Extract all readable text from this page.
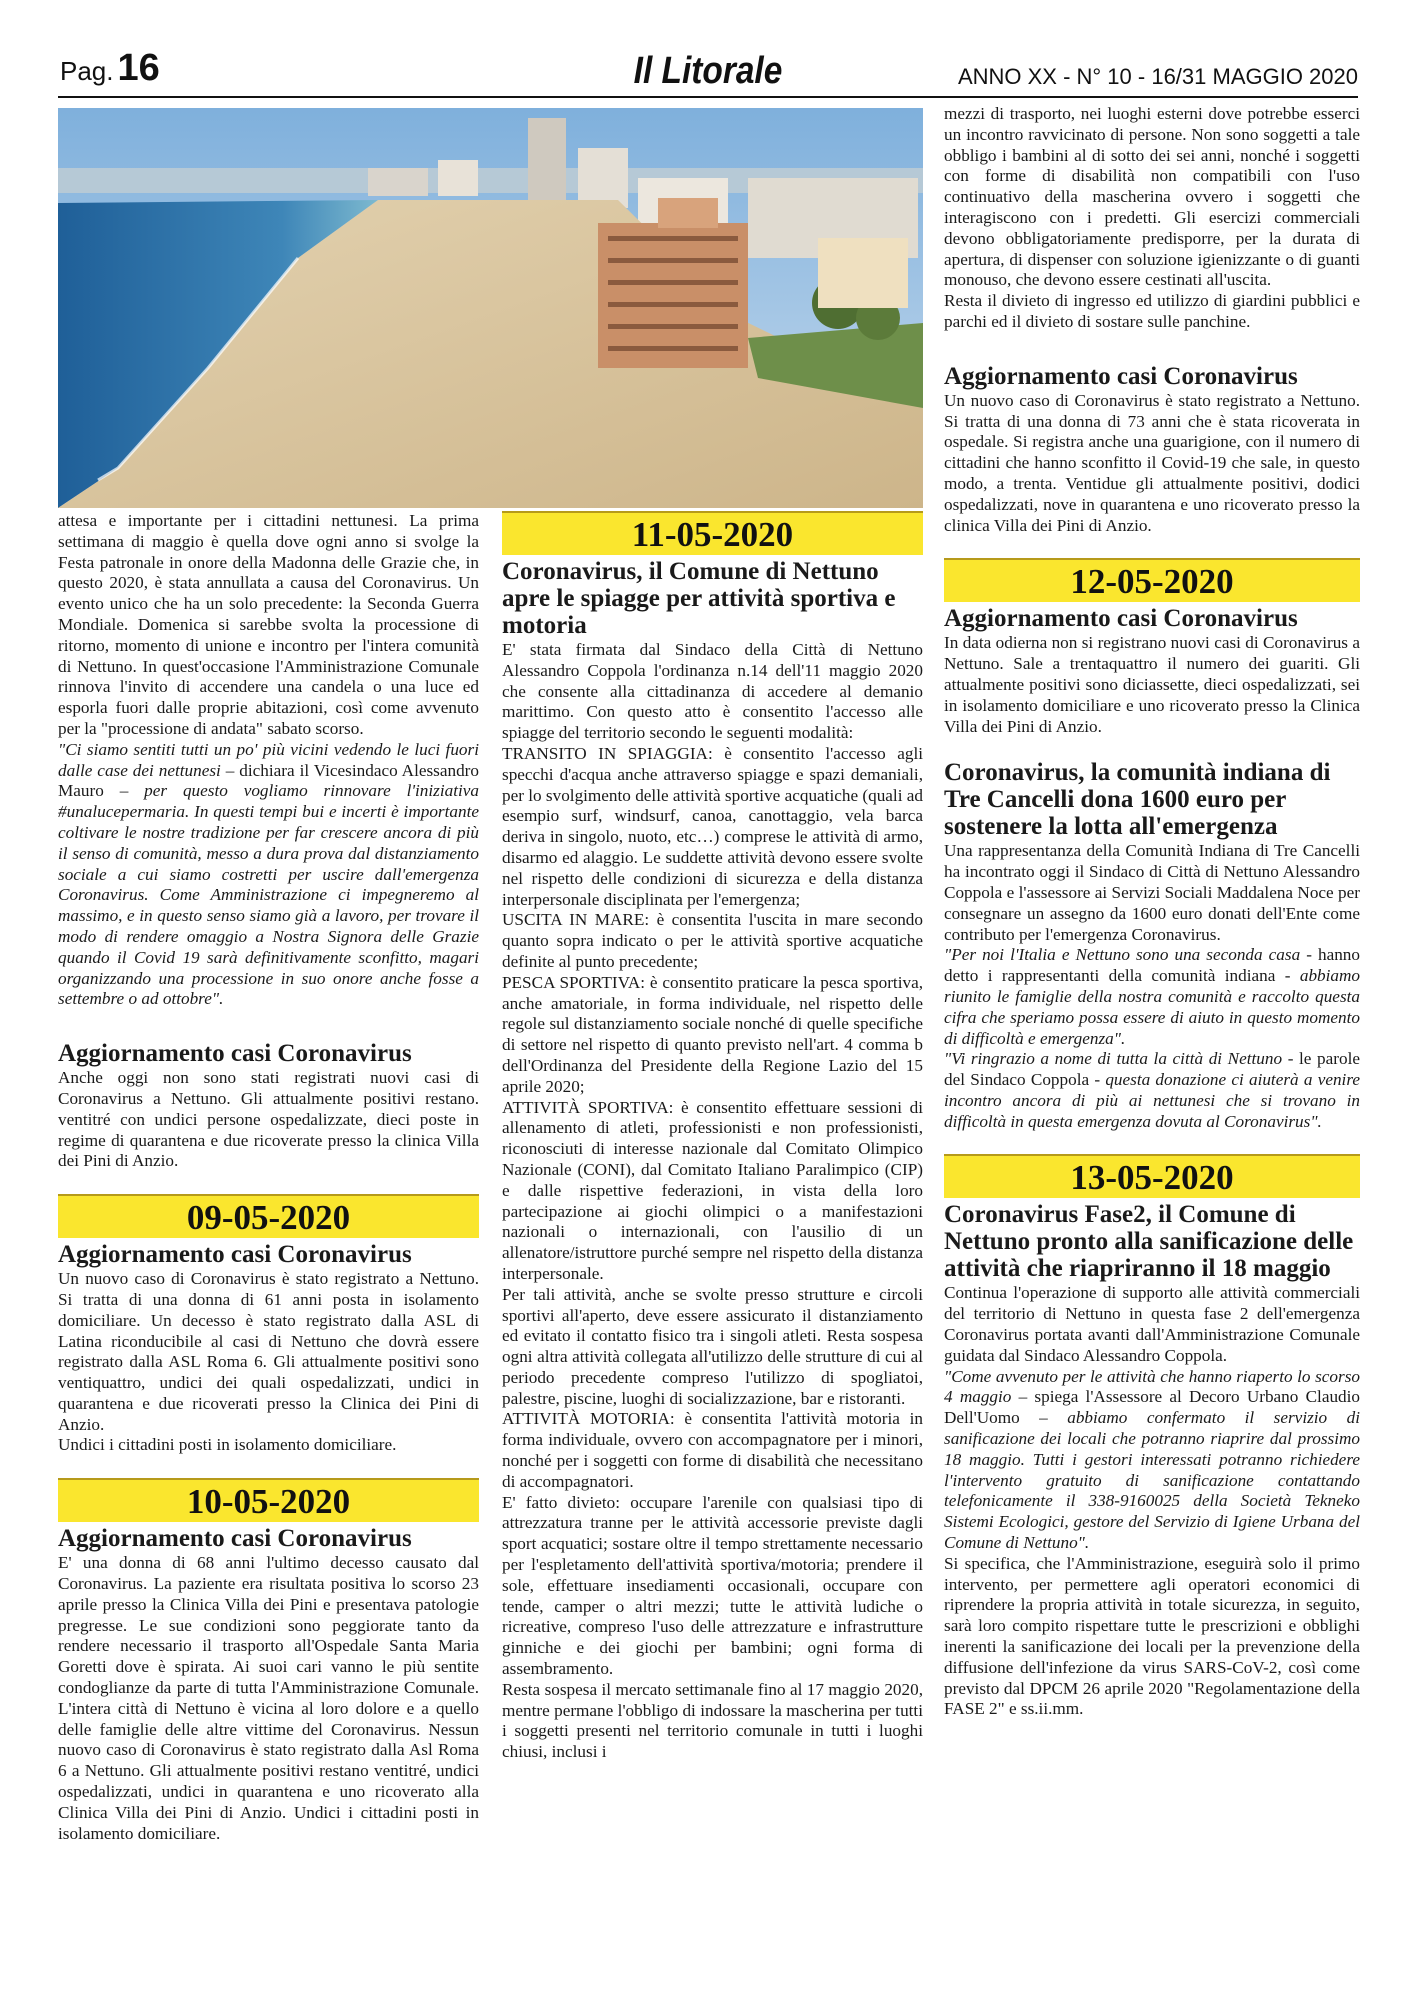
Pag. 16	Il Litorale	ANNO XX - N° 10 - 16/31 MAGGIO 2020

attesa e importante per i cittadini nettunesi. La prima settimana di maggio è quella dove ogni anno si svolge la Festa patronale in onore della Madonna delle Grazie che, in questo 2020, è stata annullata a causa del Coronavirus. Un evento unico che ha un solo precedente: la Seconda Guerra Mondiale. Domenica si sarebbe svolta la processione di ritorno, momento di unione e incontro per l'intera comunità di Nettuno. In quest'occasione l'Amministrazione Comunale rinnova l'invito di accendere una candela o una luce ed esporla fuori dalle proprie abitazioni, così come avvenuto per la "processione di andata" sabato scorso.

"Ci siamo sentiti tutti un po' più vicini vedendo le luci fuori dalle case dei nettunesi – dichiara il Vicesindaco Alessandro Mauro – per questo vogliamo rinnovare l'iniziativa #unalucepermaria. In questi tempi bui e incerti è importante coltivare le nostre tradizione per far crescere ancora di più il senso di comunità, messo a dura prova dal distanziamento sociale a cui siamo costretti per uscire dall'emergenza Coronavirus. Come Amministrazione ci impegneremo al massimo, e in questo senso siamo già a lavoro, per trovare il modo di rendere omaggio a Nostra Signora delle Grazie quando il Covid 19 sarà definitivamente sconfitto, magari organizzando una processione in suo onore anche fosse a settembre o ad ottobre".

Aggiornamento casi Coronavirus

Anche oggi non sono stati registrati nuovi casi di Coronavirus a Nettuno. Gli attualmente positivi restano. ventitré con undici persone ospedalizzate, dieci poste in regime di quarantena e due ricoverate presso la clinica Villa dei Pini di Anzio.

09-05-2020
Aggiornamento casi Coronavirus

Un nuovo caso di Coronavirus è stato registrato a Nettuno. Si tratta di una donna di 61 anni posta in isolamento domiciliare. Un decesso è stato registrato dalla ASL di Latina riconducibile al casi di Nettuno che dovrà essere registrato dalla ASL Roma 6. Gli attualmente positivi sono ventiquattro, undici dei quali ospedalizzati, undici in quarantena e due ricoverati presso la Clinica dei Pini di Anzio.

Undici i cittadini posti in isolamento domiciliare.

10-05-2020
Aggiornamento casi Coronavirus

E' una donna di 68 anni l'ultimo decesso causato dal Coronavirus. La paziente era risultata positiva lo scorso 23 aprile presso la Clinica Villa dei Pini e presentava patologie pregresse. Le sue condizioni sono peggiorate tanto da rendere necessario il trasporto all'Ospedale Santa Maria Goretti dove è spirata. Ai suoi cari vanno le più sentite condoglianze da parte di tutta l'Amministrazione Comunale. L'intera città di Nettuno è vicina al loro dolore e a quello delle famiglie delle altre vittime del Coronavirus. Nessun nuovo caso di Coronavirus è stato registrato dalla Asl Roma 6 a Nettuno. Gli attualmente positivi restano ventitré, undici ospedalizzati, undici in quarantena e uno ricoverato alla Clinica Villa dei Pini di Anzio. Undici i cittadini posti in isolamento domiciliare.

11-05-2020
Coronavirus, il Comune di Nettuno apre le spiagge per attività sportiva e motoria

E' stata firmata dal Sindaco della Città di Nettuno Alessandro Coppola l'ordinanza n.14 dell'11 maggio 2020 che consente alla cittadinanza di accedere al demanio marittimo. Con questo atto è consentito l'accesso alle spiagge del territorio secondo le seguenti modalità:

TRANSITO IN SPIAGGIA: è consentito l'accesso agli specchi d'acqua anche attraverso spiagge e spazi demaniali, per lo svolgimento delle attività sportive acquatiche (quali ad esempio surf, windsurf, canoa, canottaggio, vela barca deriva in singolo, nuoto, etc…) comprese le attività di armo, disarmo ed alaggio. Le suddette attività devono essere svolte nel rispetto delle condizioni di sicurezza e della distanza interpersonale disciplinata per l'emergenza;

USCITA IN MARE: è consentita l'uscita in mare secondo quanto sopra indicato o per le attività sportive acquatiche definite al punto precedente;

PESCA SPORTIVA: è consentito praticare la pesca sportiva, anche amatoriale, in forma individuale, nel rispetto delle regole sul distanziamento sociale nonché di quelle specifiche di settore nel rispetto di quanto previsto nell'art. 4 comma b dell'Ordinanza del Presidente della Regione Lazio del 15 aprile 2020;

ATTIVITÀ SPORTIVA: è consentito effettuare sessioni di allenamento di atleti, professionisti e non professionisti, riconosciuti di interesse nazionale dal Comitato Olimpico Nazionale (CONI), dal Comitato Italiano Paralimpico (CIP) e dalle rispettive federazioni, in vista della loro partecipazione ai giochi olimpici o a manifestazioni nazionali o internazionali, con l'ausilio di un allenatore/istruttore purché sempre nel rispetto della distanza interpersonale.

Per tali attività, anche se svolte presso strutture e circoli sportivi all'aperto, deve essere assicurato il distanziamento ed evitato il contatto fisico tra i singoli atleti. Resta sospesa ogni altra attività collegata all'utilizzo delle strutture di cui al periodo precedente compreso l'utilizzo di spogliatoi, palestre, piscine, luoghi di socializzazione, bar e ristoranti.

ATTIVITÀ MOTORIA: è consentita l'attività motoria in forma individuale, ovvero con accompagnatore per i minori, nonché per i soggetti con forme di disabilità che necessitano di accompagnatori.

E' fatto divieto: occupare l'arenile con qualsiasi tipo di attrezzatura tranne per le attività accessorie previste dagli sport acquatici; sostare oltre il tempo strettamente necessario per l'espletamento dell'attività sportiva/motoria; prendere il sole, effettuare insediamenti occasionali, occupare con tende, camper o altri mezzi; tutte le attività ludiche o ricreative, compreso l'uso delle attrezzature e infrastrutture ginniche e dei giochi per bambini; ogni forma di assembramento.

Resta sospesa il mercato settimanale fino al 17 maggio 2020, mentre permane l'obbligo di indossare la mascherina per tutti i soggetti presenti nel territorio comunale in tutti i luoghi chiusi, inclusi i

mezzi di trasporto, nei luoghi esterni dove potrebbe esserci un incontro ravvicinato di persone. Non sono soggetti a tale obbligo i bambini al di sotto dei sei anni, nonché i soggetti con forme di disabilità non compatibili con l'uso continuativo della mascherina ovvero i soggetti che interagiscono con i predetti. Gli esercizi commerciali devono obbligatoriamente predisporre, per la durata di apertura, di dispenser con soluzione igienizzante o di guanti monouso, che devono essere cestinati all'uscita.

Resta il divieto di ingresso ed utilizzo di giardini pubblici e parchi ed il divieto di sostare sulle panchine.

Aggiornamento casi Coronavirus

Un nuovo caso di Coronavirus è stato registrato a Nettuno. Si tratta di una donna di 73 anni che è stata ricoverata in ospedale. Si registra anche una guarigione, con il numero di cittadini che hanno sconfitto il Covid-19 che sale, in questo modo, a trenta. Ventidue gli attualmente positivi, dodici ospedalizzati, nove in quarantena e uno ricoverato presso la clinica Villa dei Pini di Anzio.

12-05-2020
Aggiornamento casi Coronavirus

In data odierna non si registrano nuovi casi di Coronavirus a Nettuno. Sale a trentaquattro il numero dei guariti. Gli attualmente positivi sono diciassette, dieci ospedalizzati, sei in isolamento domiciliare e uno ricoverato presso la Clinica Villa dei Pini di Anzio.

Coronavirus, la comunità indiana di Tre Cancelli dona 1600 euro per sostenere la lotta all'emergenza

Una rappresentanza della Comunità Indiana di Tre Cancelli ha incontrato oggi il Sindaco di Città di Nettuno Alessandro Coppola e l'assessore ai Servizi Sociali Maddalena Noce per consegnare un assegno da 1600 euro donati dell'Ente come contributo per l'emergenza Coronavirus.

"Per noi l'Italia e Nettuno sono una seconda casa - hanno detto i rappresentanti della comunità indiana - abbiamo riunito le famiglie della nostra comunità e raccolto questa cifra che speriamo possa essere di aiuto in questo momento di difficoltà e emergenza".

"Vi ringrazio a nome di tutta la città di Nettuno - le parole del Sindaco Coppola - questa donazione ci aiuterà a venire incontro ancora di più ai nettunesi che si trovano in difficoltà in questa emergenza dovuta al Coronavirus".

13-05-2020
Coronavirus Fase2, il Comune di Nettuno pronto alla sanificazione delle attività che riapriranno il 18 maggio

Continua l'operazione di supporto alle attività commerciali del territorio di Nettuno in questa fase 2 dell'emergenza Coronavirus portata avanti dall'Amministrazione Comunale guidata dal Sindaco Alessandro Coppola.

"Come avvenuto per le attività che hanno riaperto lo scorso 4 maggio – spiega l'Assessore al Decoro Urbano Claudio Dell'Uomo – abbiamo confermato il servizio di sanificazione dei locali che potranno riaprire dal prossimo 18 maggio. Tutti i gestori interessati potranno richiedere l'intervento gratuito di sanificazione contattando telefonicamente il 338-9160025 della Società Tekneko Sistemi Ecologici, gestore del Servizio di Igiene Urbana del Comune di Nettuno".

Si specifica, che l'Amministrazione, eseguirà solo il primo intervento, per permettere agli operatori economici di riprendere la propria attività in totale sicurezza, in seguito, sarà loro compito rispettare tutte le prescrizioni e obblighi inerenti la sanificazione dei locali per la prevenzione della diffusione dell'infezione da virus SARS-CoV-2, così come previsto dal DPCM 26 aprile 2020 "Regolamentazione della FASE 2" e ss.ii.mm.
